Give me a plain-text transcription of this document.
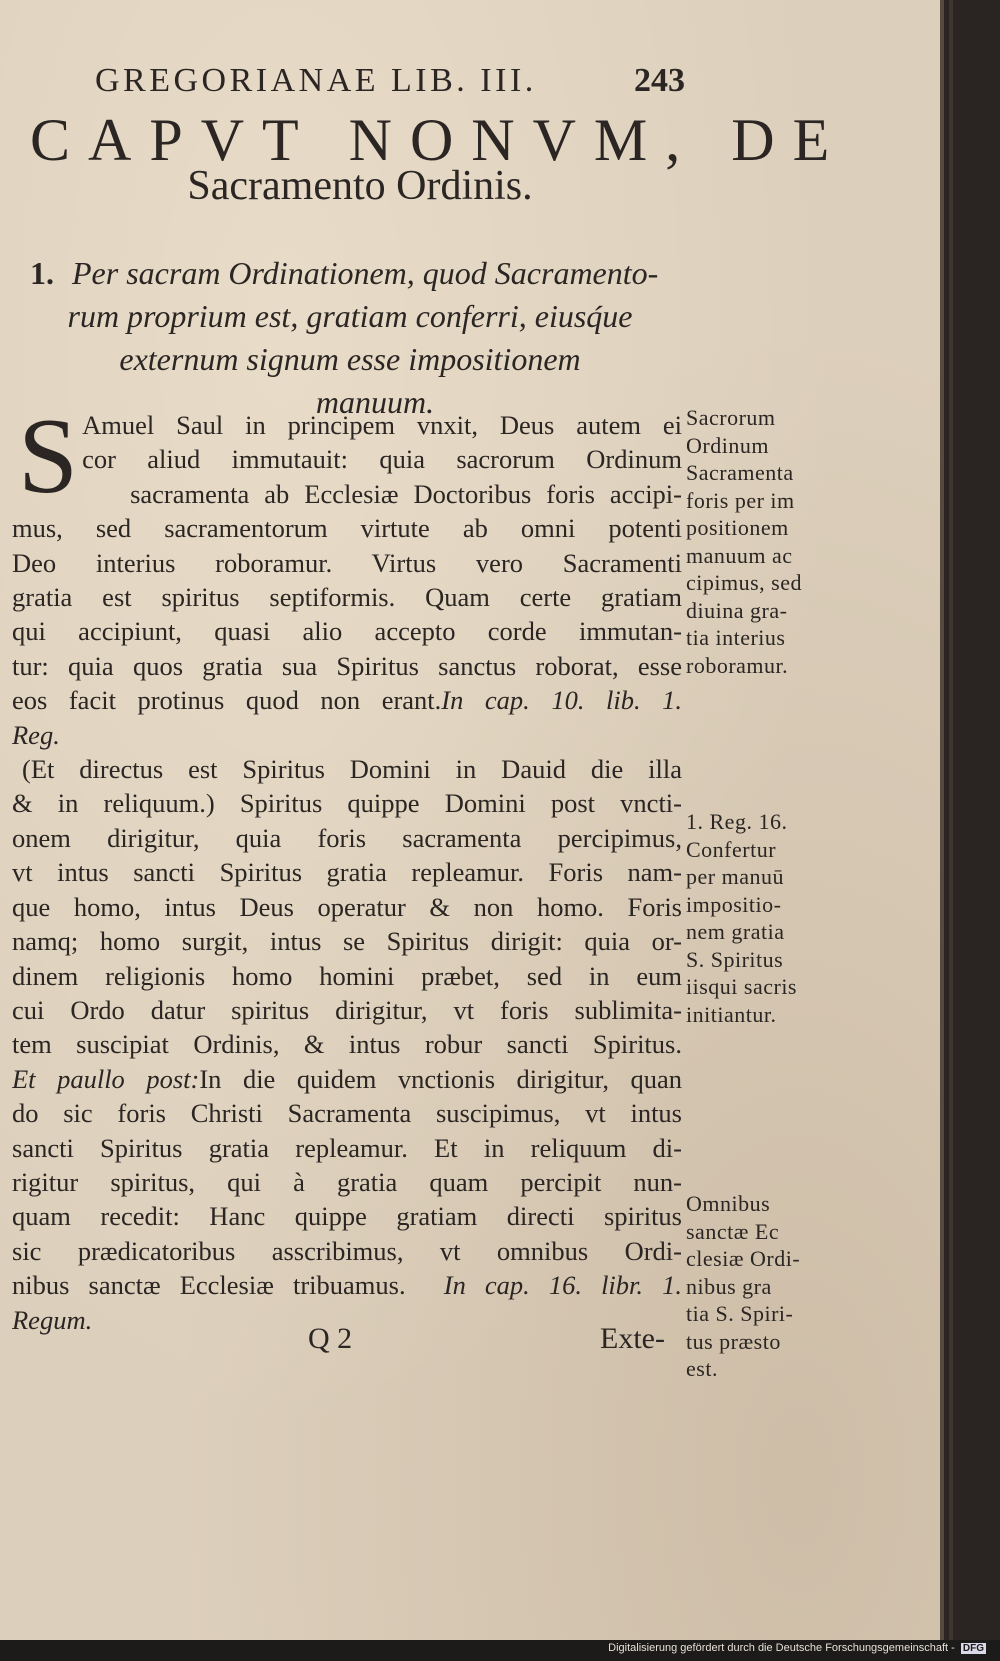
GREGORIANAE LIB. III.	243
CAPVT NONVM, DE
Sacramento Ordinis.
1. Per sacram Ordinationem, quod Sacramento-
rum proprium est, gratiam conferri, eiusq́ue
externum signum esse impositionem
manuum.
S Amuel Saul in principem vnxit, Deus autem ei
cor aliud immutauit: quia sacrorum Ordinum
sacramenta ab Ecclesiæ Doctoribus foris accipi-
mus, sed sacramentorum virtute ab omni potenti
Deo interius roboramur. Virtus vero Sacramenti
gratia est spiritus septiformis. Quam certe gratiam
qui accipiunt, quasi alio accepto corde immutan-
tur: quia quos gratia sua Spiritus sanctus roborat, esse
eos facit protinus quod non erant.In cap. 10. lib. 1.
Reg.
(Et directus est Spiritus Domini in Dauid die illa
& in reliquum.) Spiritus quippe Domini post vncti-
onem dirigitur, quia foris sacramenta percipimus,
vt intus sancti Spiritus gratia repleamur. Foris nam-
que homo, intus Deus operatur & non homo. Foris
namq; homo surgit, intus se Spiritus dirigit: quia or-
dinem religionis homo homini præbet, sed in eum
cui Ordo datur spiritus dirigitur, vt foris sublimita-
tem suscipiat Ordinis, & intus robur sancti Spiritus.
Et paullo post:In die quidem vnctionis dirigitur, quan
do sic foris Christi Sacramenta suscipimus, vt intus
sancti Spiritus gratia repleamur. Et in reliquum di-
rigitur spiritus, qui à gratia quam percipit nun-
quam recedit: Hanc quippe gratiam directi spiritus
sic prædicatoribus asscribimus, vt omnibus Ordi-
nibus sanctæ Ecclesiæ tribuamus. In cap. 16. libr. 1.
Regum.
Sacrorum
Ordinum
Sacramenta
foris per im
positionem
manuum ac
cipimus, sed
diuina gra-
tia interius
roboramur.
1. Reg. 16.
Confertur
per manuū
impositio-
nem gratia
S. Spiritus
iisqui sacris
initiantur.
Omnibus
sanctæ Ec
clesiæ Ordi-
nibus gra
tia S. Spiri-
tus præsto
est.
Q 2	Exte-
Digitalisierung gefördert durch die Deutsche Forschungsgemeinschaft - DFG
